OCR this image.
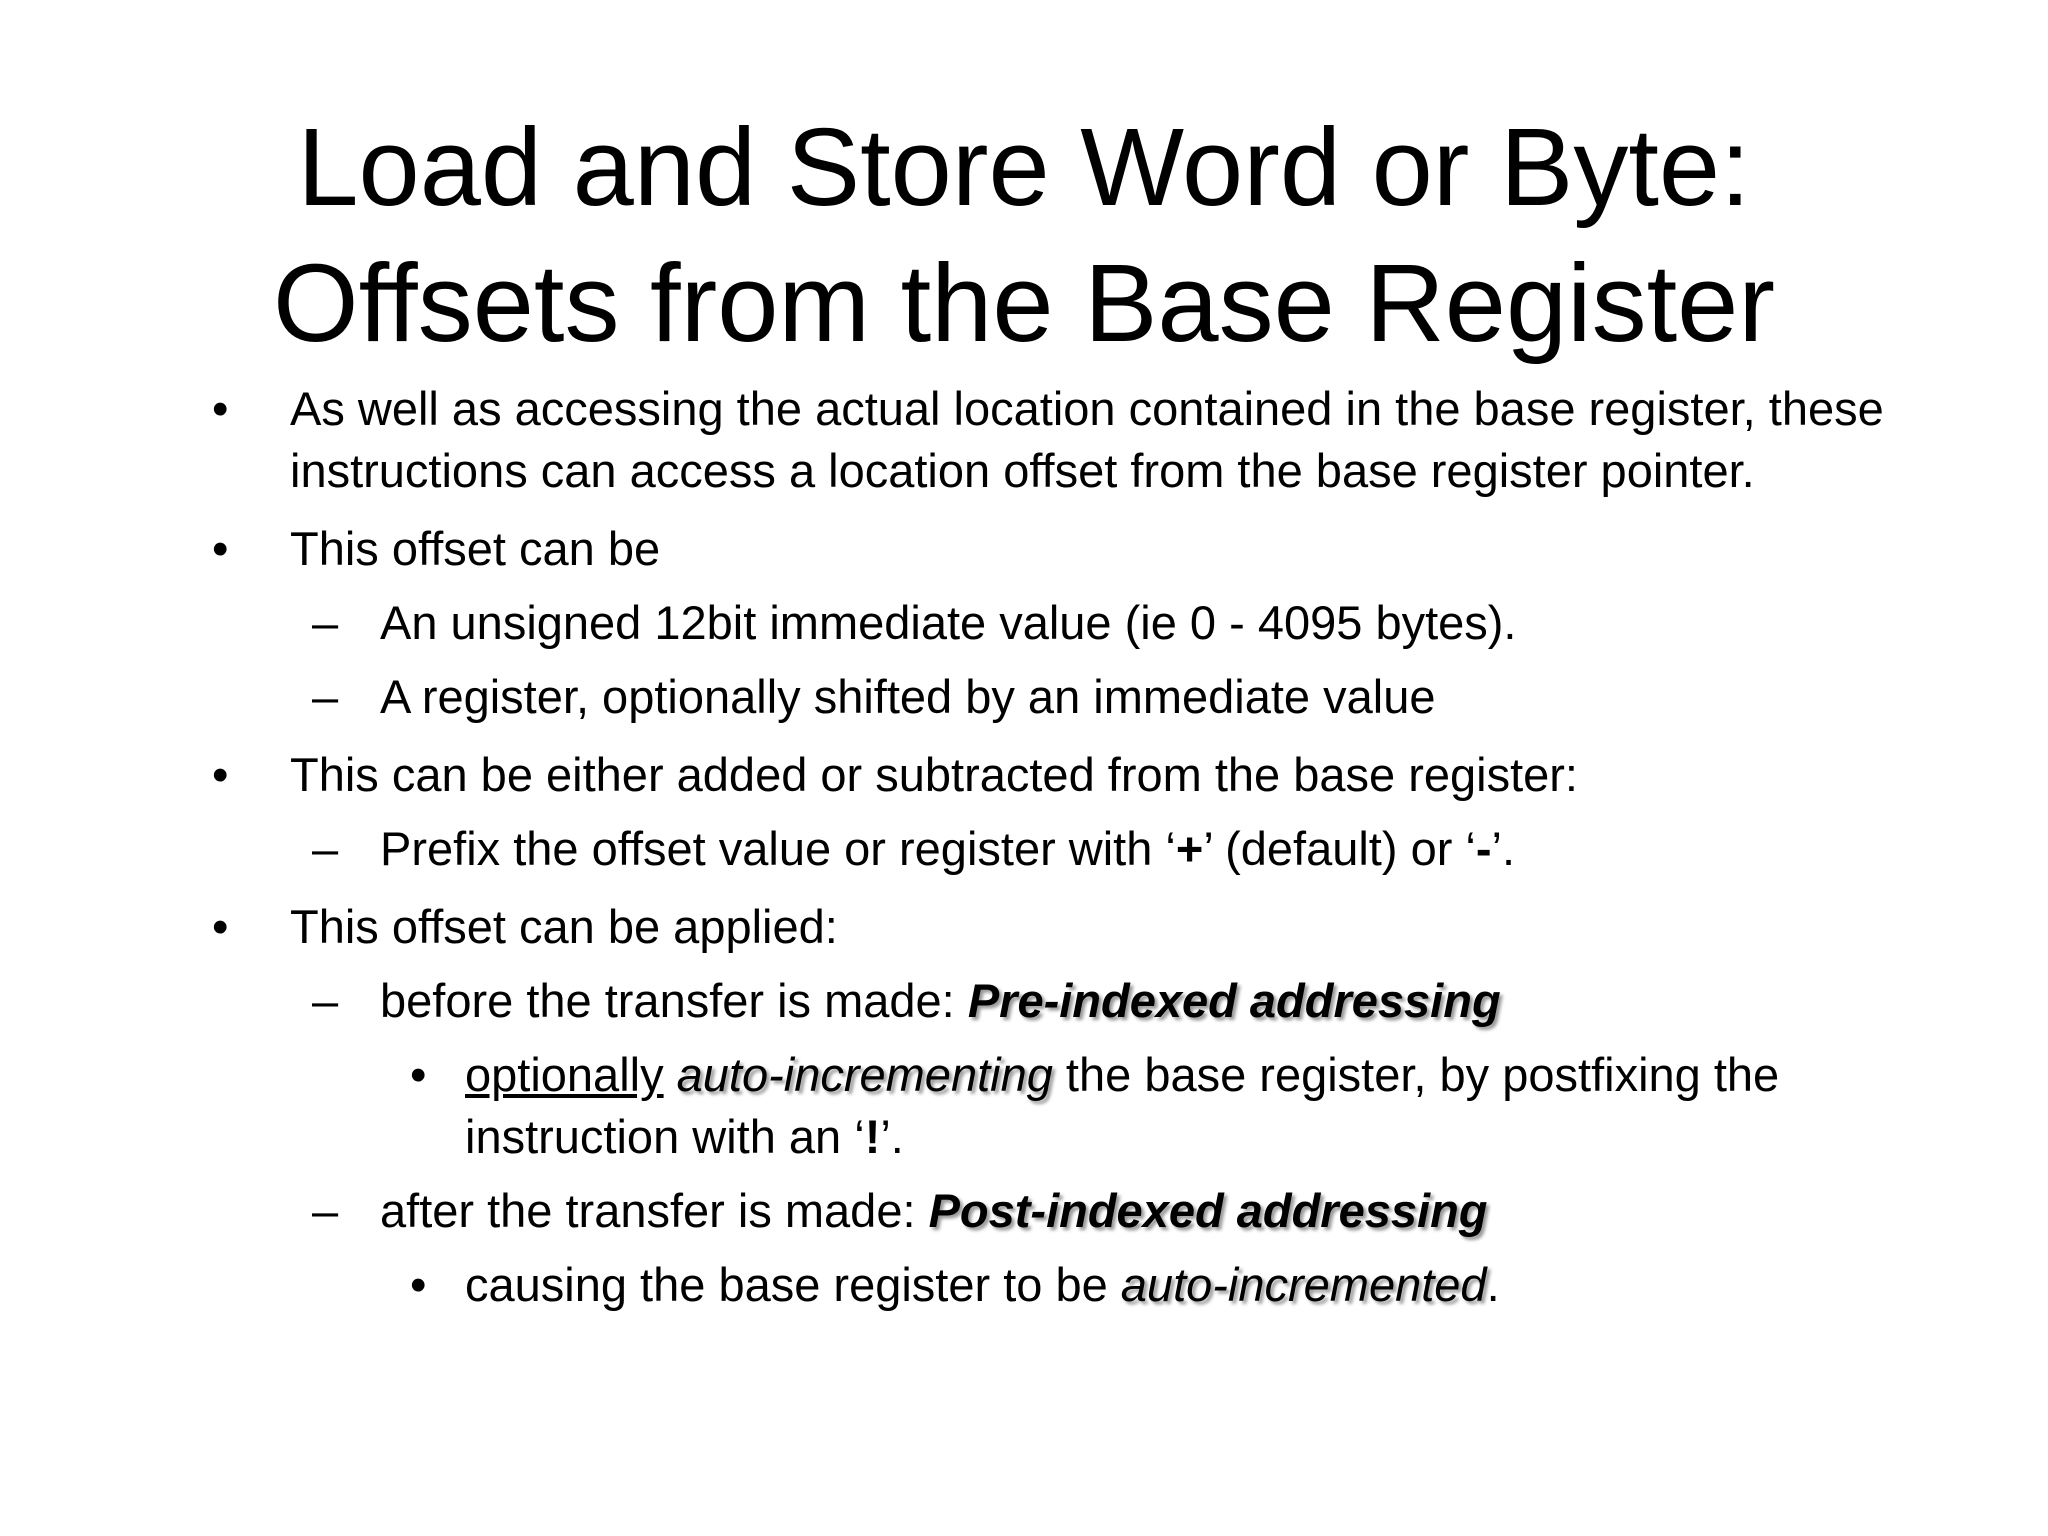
Load and Store Word or Byte:
Offsets from the Base Register
• As well as accessing the actual location contained in the base register, these instructions can access a location offset from the base register pointer.
• This offset can be
– An unsigned 12bit immediate value (ie 0 - 4095 bytes).
– A register, optionally shifted by an immediate value
• This can be either added or subtracted from the base register:
– Prefix the offset value or register with ‘+’ (default) or ‘-’.
• This offset can be applied:
– before the transfer is made: Pre-indexed addressing
• optionally auto-incrementing the base register, by postfixing the instruction with an ‘!’.
– after the transfer is made: Post-indexed addressing
• causing the base register to be auto-incremented.
